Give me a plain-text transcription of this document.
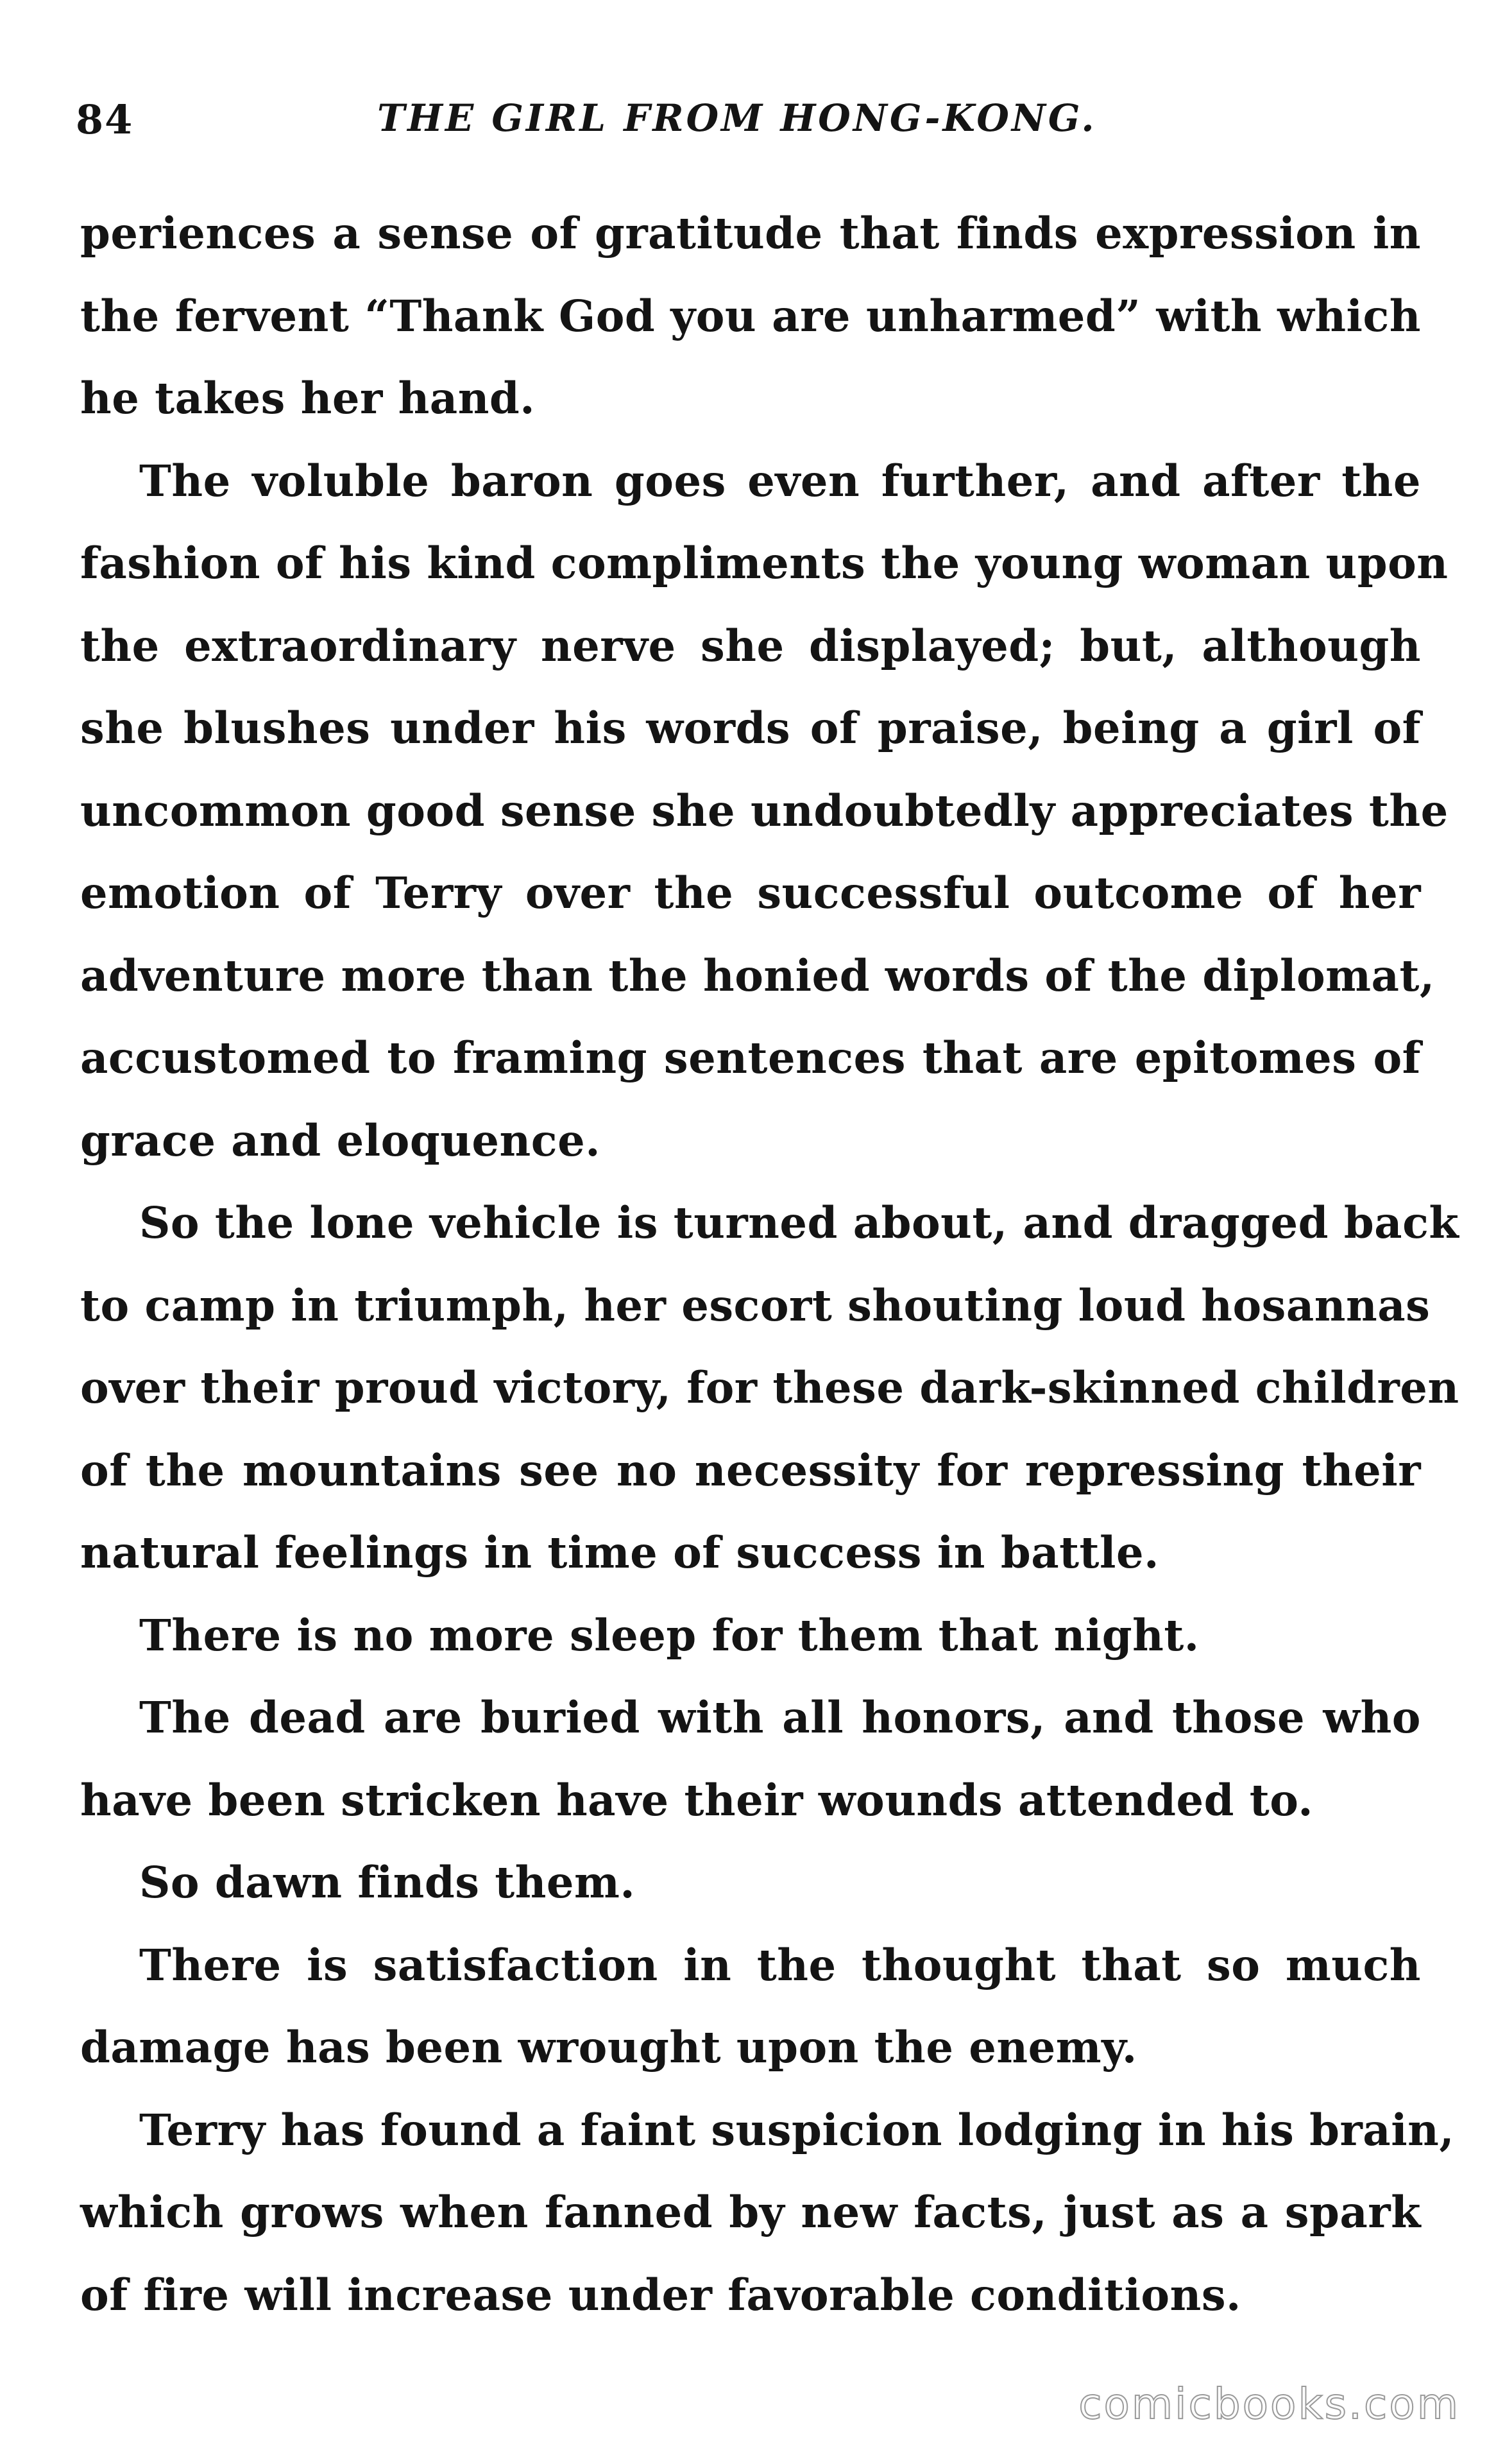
84	THE GIRL FROM HONG-KONG.
periences a sense of gratitude that finds expression in
the fervent “Thank God you are unharmed” with which
he takes her hand.
The voluble baron goes even further, and after the
fashion of his kind compliments the young woman upon
the extraordinary nerve she displayed; but, although
she blushes under his words of praise, being a girl of
uncommon good sense she undoubtedly appreciates the
emotion of Terry over the successful outcome of her
adventure more than the honied words of the diplomat,
accustomed to framing sentences that are epitomes of
grace and eloquence.
So the lone vehicle is turned about, and dragged back
to camp in triumph, her escort shouting loud hosannas
over their proud victory, for these dark-skinned children
of the mountains see no necessity for repressing their
natural feelings in time of success in battle.
There is no more sleep for them that night.
The dead are buried with all honors, and those who
have been stricken have their wounds attended to.
So dawn finds them.
There is satisfaction in the thought that so much
damage has been wrought upon the enemy.
Terry has found a faint suspicion lodging in his brain,
which grows when fanned by new facts, just as a spark
of fire will increase under favorable conditions.
comicbooks.com
